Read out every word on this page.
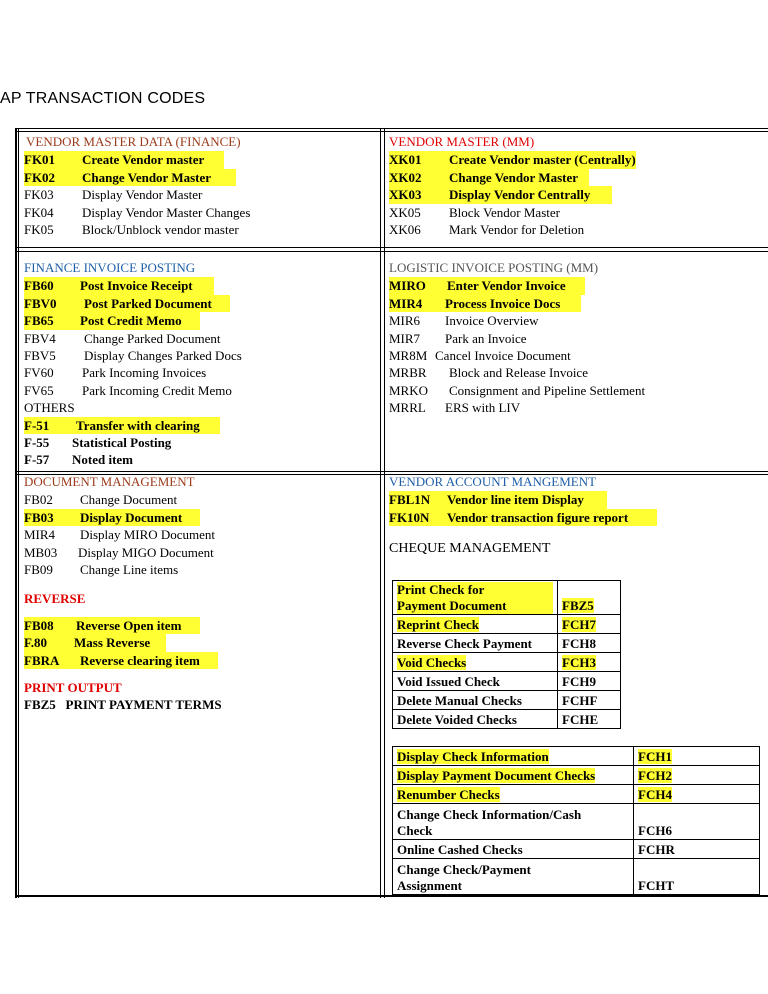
AP TRANSACTION CODES
VENDOR MASTER DATA (FINANCE)
FK01 Create Vendor master
FK02 Change Vendor Master
FK03	Display Vendor Master
FK04	Display Vendor Master Changes
FK05	Block/Unblock vendor master
VENDOR MASTER (MM)
XK01 Create Vendor master (Centrally)
XK02 Change Vendor Master
XK03 Display Vendor Centrally
XK05	Block Vendor Master
XK06	Mark Vendor for Deletion
FINANCE INVOICE POSTING
FB60 Post Invoice Receipt
FBV0 Post Parked Document
FB65 Post Credit Memo
FBV4	Change Parked Document
FBV5	Display Changes Parked Docs
FV60	Park Incoming Invoices
FV65	Park Incoming Credit Memo
OTHERS
F-51 Transfer with clearing
F-55	Statistical Posting
F-57	Noted item
LOGISTIC INVOICE POSTING (MM)
MIRO Enter Vendor Invoice
MIR4 Process Invoice Docs
MIR6	Invoice Overview
MIR7	Park an Invoice
MR8M Cancel Invoice Document
MRBR	Block and Release Invoice
MRKO	Consignment and Pipeline Settlement
MRRL	ERS with LIV
DOCUMENT MANAGEMENT
FB02	Change Document
FB03 Display Document
MIR4	Display MIRO Document
MB03	Display MIGO Document
FB09	Change Line items
REVERSE
FB08 Reverse Open item
F.80 Mass Reverse
FBRA Reverse clearing item
PRINT OUTPUT
FBZ5   PRINT PAYMENT TERMS
VENDOR ACCOUNT MANGEMENT
FBL1N Vendor line item Display
FK10N Vendor transaction figure report
CHEQUE MANAGEMENT
Print Check for
Payment Document	FBZ5
Reprint Check	FCH7
Reverse Check Payment	FCH8
Void Checks	FCH3
Void Issued Check	FCH9
Delete Manual Checks	FCHF
Delete Voided Checks	FCHE
Display Check Information	FCH1
Display Payment Document Checks	FCH2
Renumber Checks	FCH4

Change Check Information/Cash
Check	FCH6
Online Cashed Checks	FCHR

Change Check/Payment
Assignment	FCHT
